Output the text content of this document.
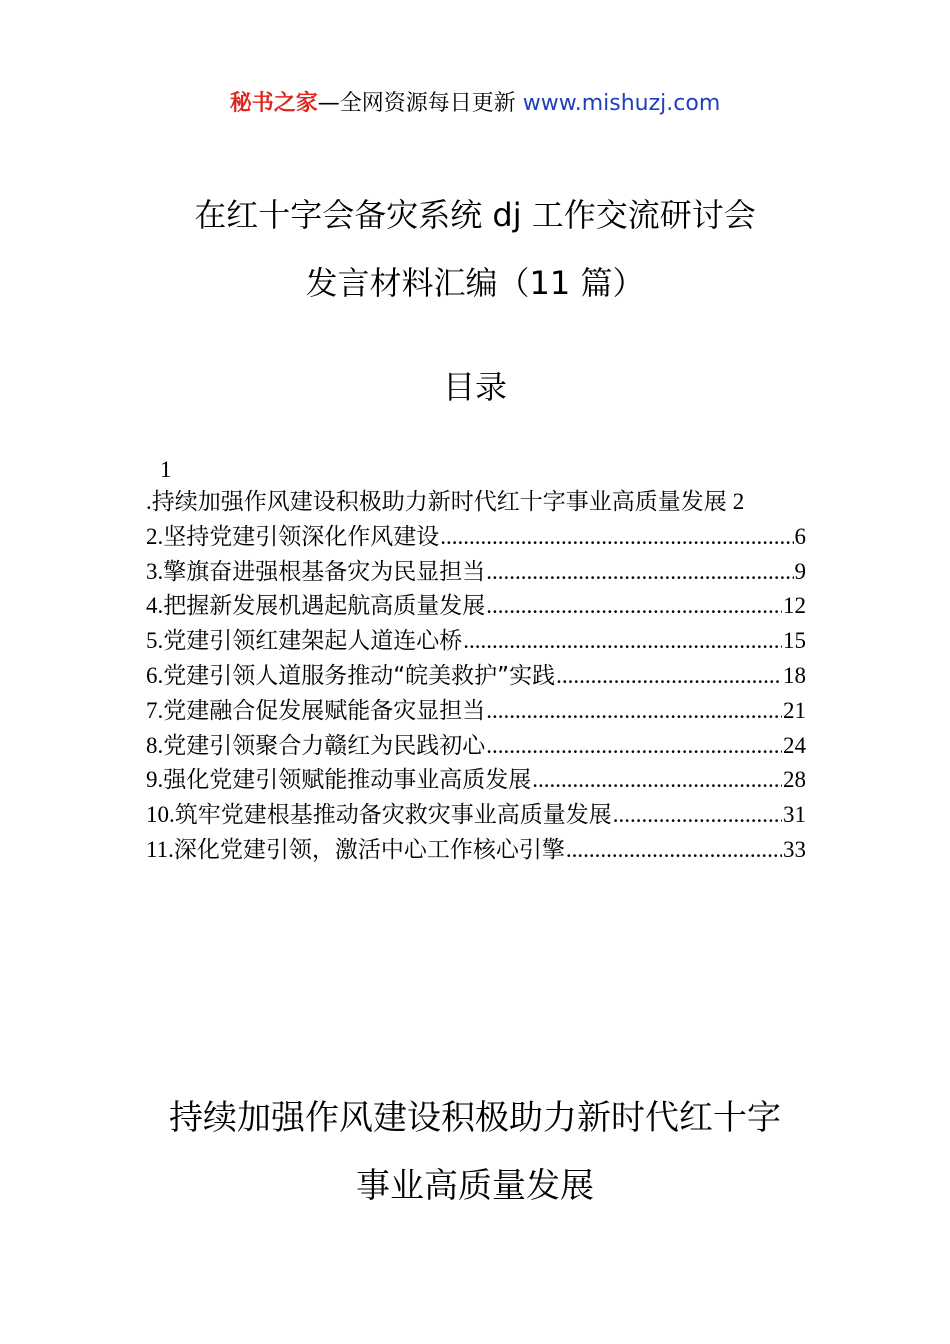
秘书之家—全网资源每日更新 www.mishuzj.com
在红十字会备灾系统 dj 工作交流研讨会
发言材料汇编（11 篇）
目录
1
. 持续加强作风建设积极助力新时代红十字事业高质量发展 2
2. 坚持党建引领深化作风建设 .....	6
3. 擎旗奋进强根基备灾为民显担当 .....	9
4. 把握新发展机遇起航高质量发展 .....	12
5. 党建引领红建架起人道连心桥 .....	15
6. 党建引领人道服务推动“皖美救护”实践 .....	18
7. 党建融合促发展赋能备灾显担当 .....	21
8. 党建引领聚合力赣红为民践初心 .....	24
9. 强化党建引领赋能推动事业高质发展 .....	28
10. 筑牢党建根基推动备灾救灾事业高质量发展 .....	31
11. 深化党建引领，激活中心工作核心引擎 .....	33
持续加强作风建设积极助力新时代红十字
事业高质量发展
